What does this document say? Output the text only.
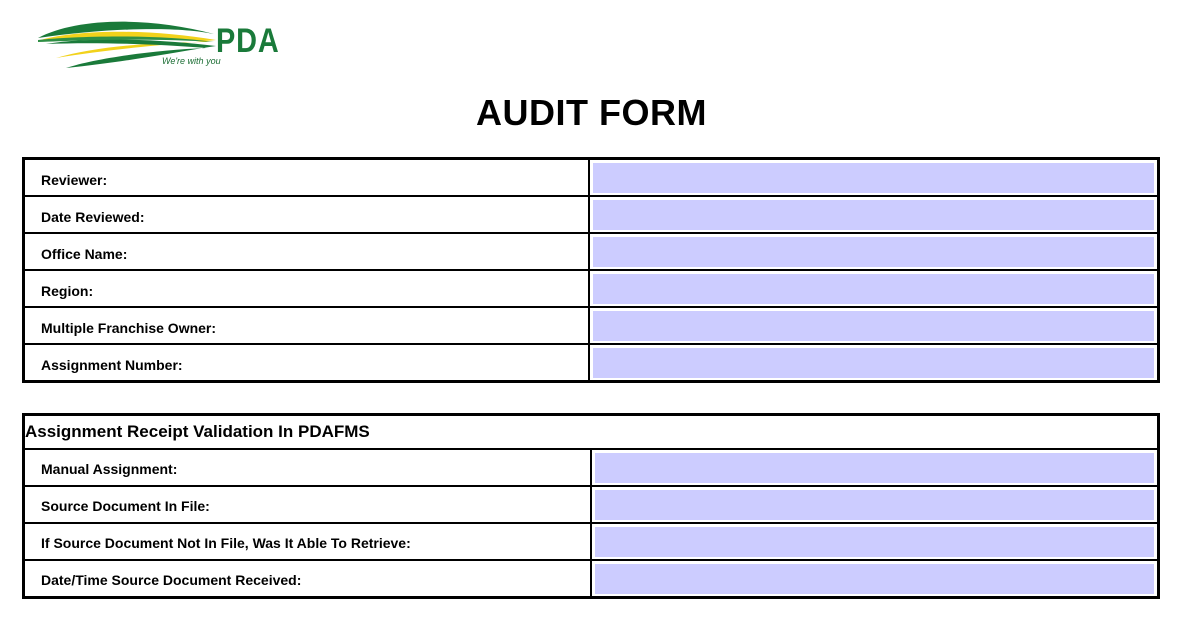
PDA
We're with you
AUDIT FORM
Reviewer:	

Date Reviewed:	

Office Name:	

Region:	

Multiple Franchise Owner:	

Assignment Number:	
Assignment Receipt Validation In PDAFMS	
Manual Assignment:	

Source Document In File:	

If Source Document Not In File, Was It Able To Retrieve:	

Date/Time Source Document Received:	
